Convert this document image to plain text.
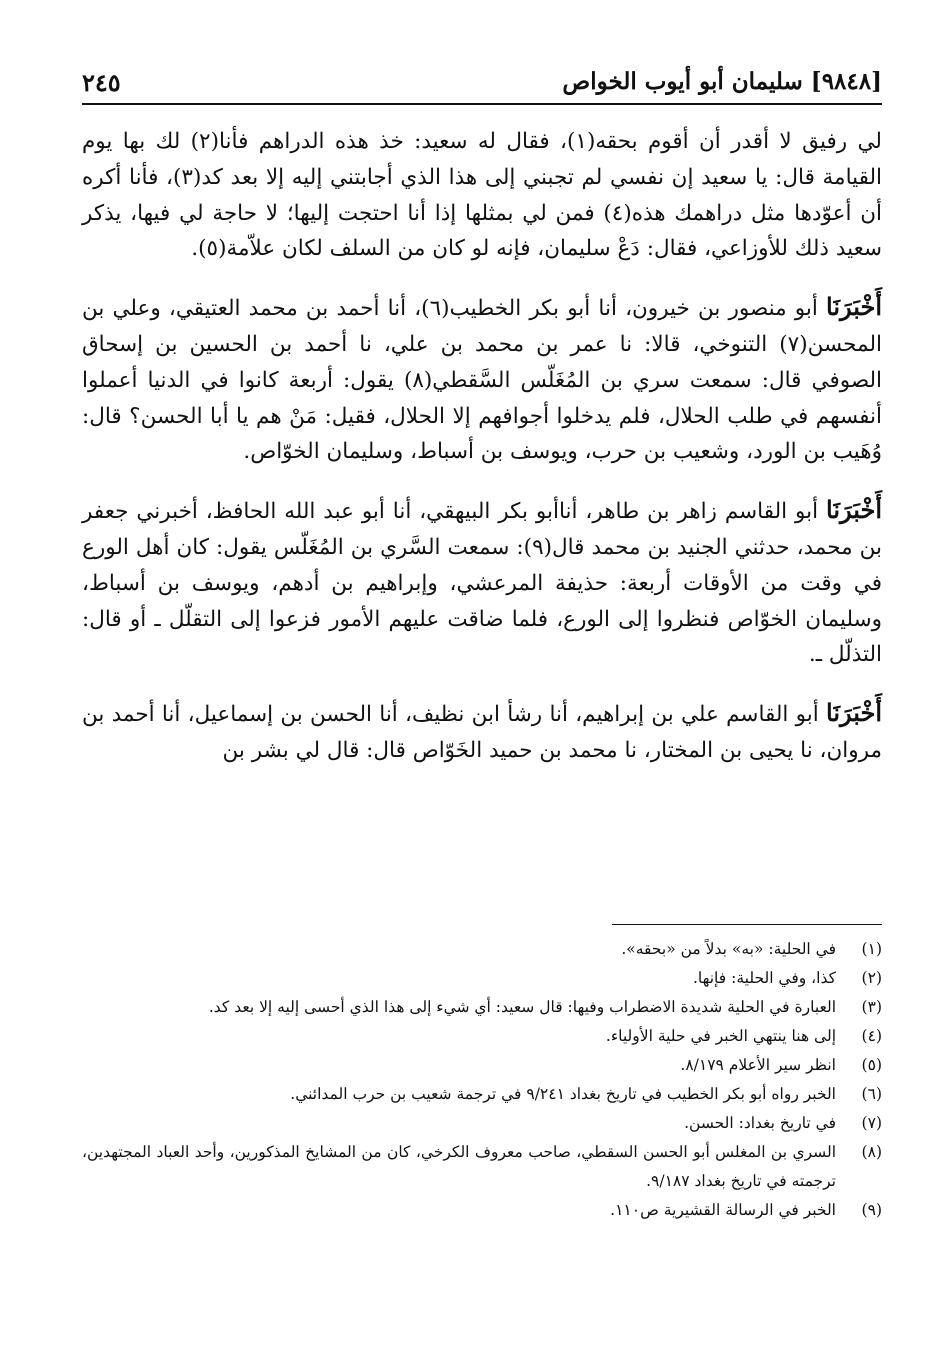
٢٤٥	[٩٨٤٨] سليمان أبو أيوب الخواص

لي رفيق لا أقدر أن أقوم بحقه(١)، فقال له سعيد: خذ هذه الدراهم فأنا(٢) لك بها يوم القيامة قال: يا سعيد إن نفسي لم تجبني إلى هذا الذي أجابتني إليه إلا بعد كد(٣)، فأنا أكره أن أعوّدها مثل دراهمك هذه(٤) فمن لي بمثلها إذا أنا احتجت إليها؛ لا حاجة لي فيها، يذكر سعيد ذلك للأوزاعي، فقال: دَعْ سليمان، فإنه لو كان من السلف لكان علاّمة(٥).

أَخْبَرَنَا أبو منصور بن خيرون، أنا أبو بكر الخطيب(٦)، أنا أحمد بن محمد العتيقي، وعلي بن المحسن(٧) التنوخي، قالا: نا عمر بن محمد بن علي، نا أحمد بن الحسين بن إسحاق الصوفي قال: سمعت سري بن المُغَلّس السَّقطي(٨) يقول: أربعة كانوا في الدنيا أعملوا أنفسهم في طلب الحلال، فلم يدخلوا أجوافهم إلا الحلال، فقيل: مَنْ هم يا أبا الحسن؟ قال: وُهَيب بن الورد، وشعيب بن حرب، ويوسف بن أسباط، وسليمان الخوّاص.

أَخْبَرَنَا أبو القاسم زاهر بن طاهر، أناأبو بكر البيهقي، أنا أبو عبد الله الحافظ، أخبرني جعفر بن محمد، حدثني الجنيد بن محمد قال(٩): سمعت السَّري بن المُغَلّس يقول: كان أهل الورع في وقت من الأوقات أربعة: حذيفة المرعشي، وإبراهيم بن أدهم، ويوسف بن أسباط، وسليمان الخوّاص فنظروا إلى الورع، فلما ضاقت عليهم الأمور فزعوا إلى التقلّل ـ أو قال: التذلّل ـ.

أَخْبَرَنَا أبو القاسم علي بن إبراهيم، أنا رشأ ابن نظيف، أنا الحسن بن إسماعيل، أنا أحمد بن مروان، نا يحيى بن المختار، نا محمد بن حميد الخَوّاص قال: قال لي بشر بن

(١)
في الحلية: «به» بدلاً من «بحقه».
(٢)
كذا، وفي الحلية: فإنها.
(٣)
العبارة في الحلية شديدة الاضطراب وفيها: قال سعيد: أي شيء إلى هذا الذي أحسى إليه إلا بعد كد.
(٤)
إلى هنا ينتهي الخبر في حلية الأولياء.
(٥)
انظر سير الأعلام ٨/١٧٩.
(٦)
الخبر رواه أبو بكر الخطيب في تاريخ بغداد ٩/٢٤١ في ترجمة شعيب بن حرب المدائني.
(٧)
في تاريخ بغداد: الحسن.
(٨)
السري بن المغلس أبو الحسن السقطي، صاحب معروف الكرخي، كان من المشايخ المذكورين، وأحد العباد المجتهدين، ترجمته في تاريخ بغداد ٩/١٨٧.
(٩)
الخبر في الرسالة القشيرية ص١١٠.
